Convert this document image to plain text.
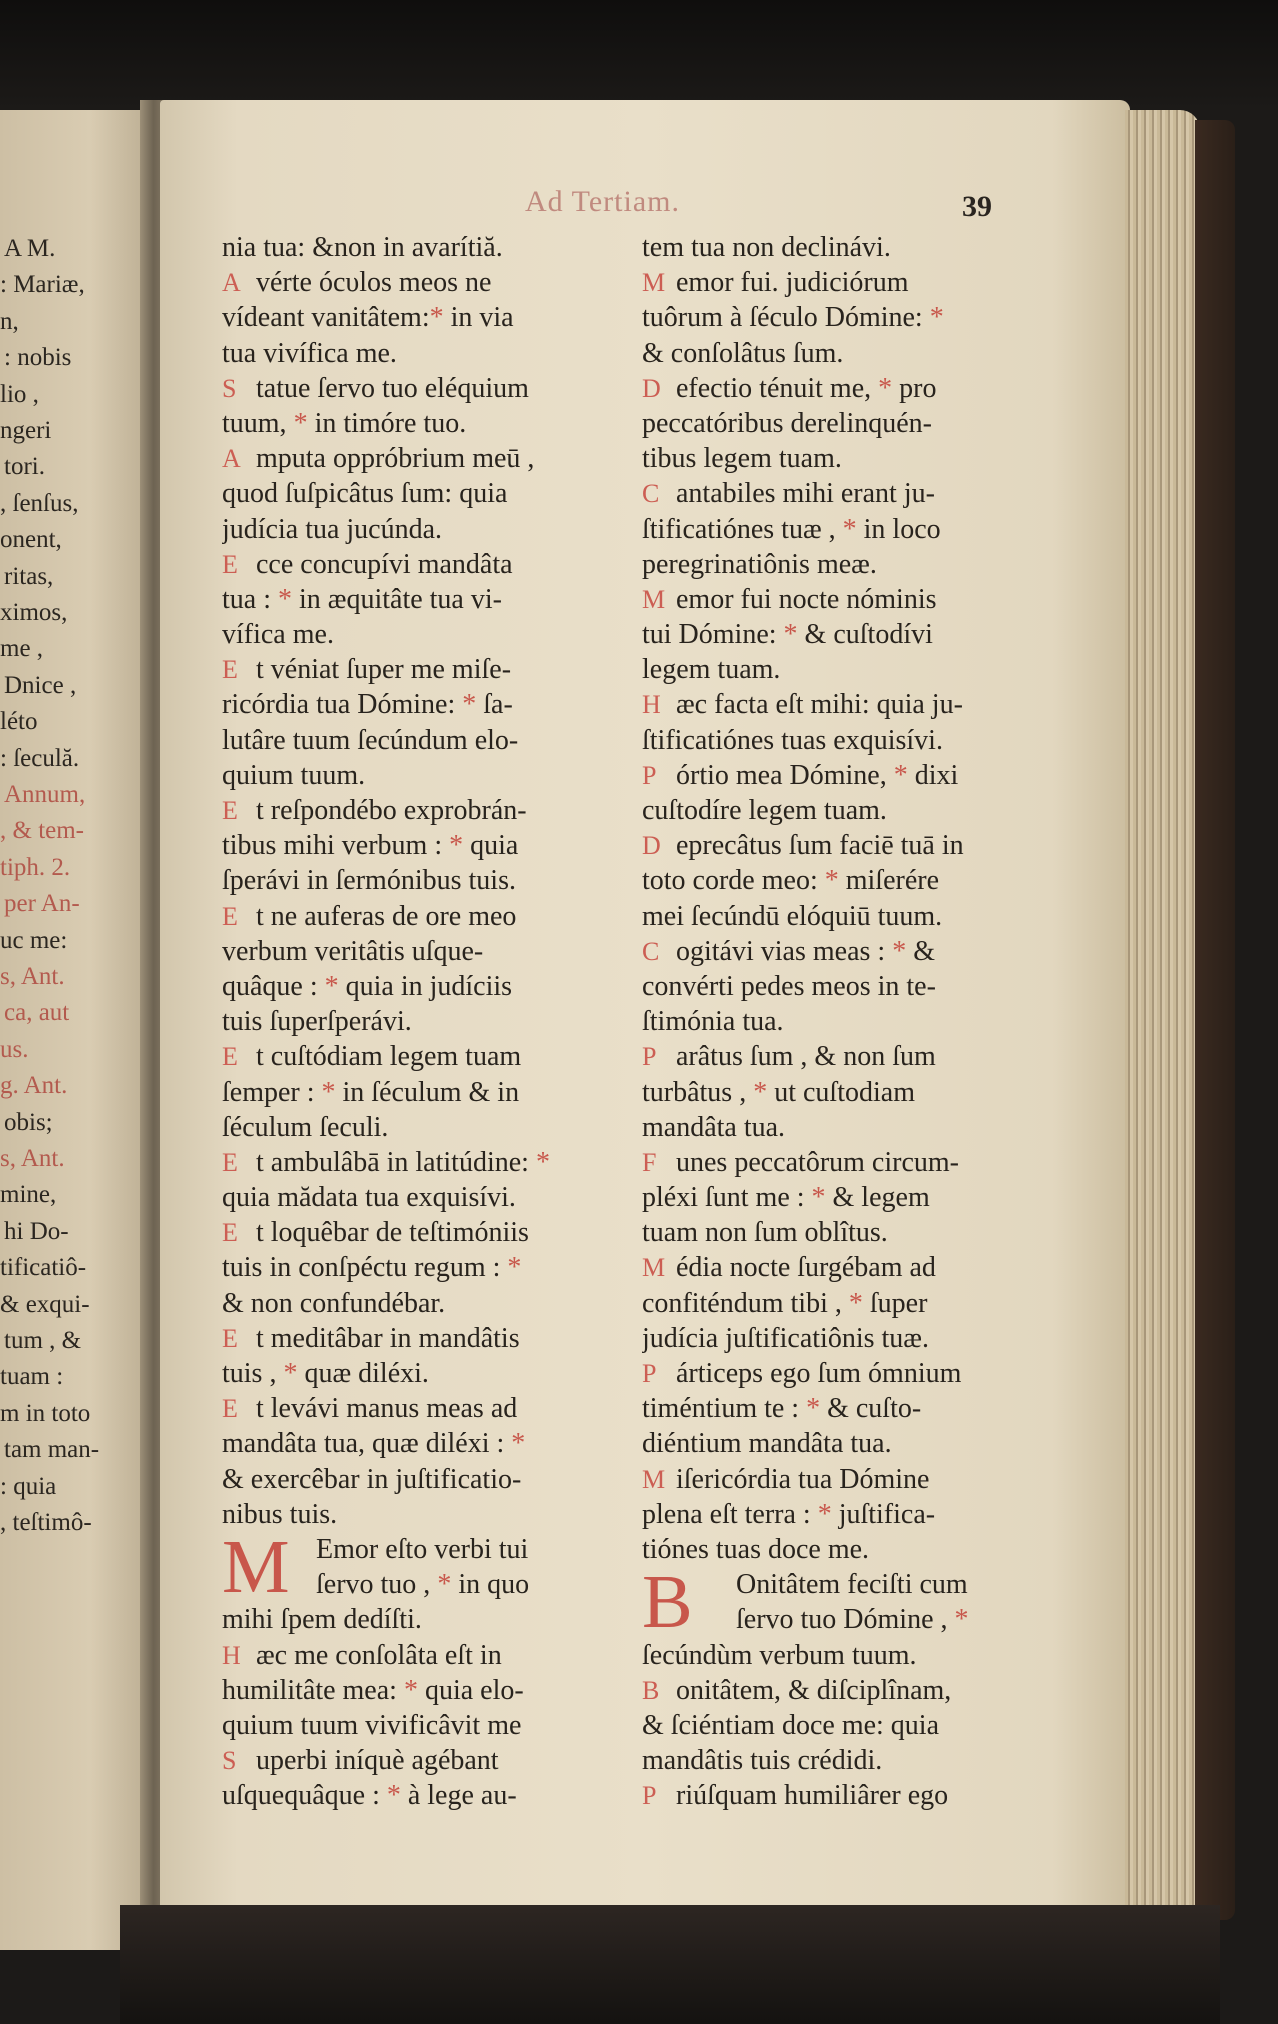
A M.
: Mariæ,
n,
: nobis
lio ,
ngeri
tori.
, ſenſus,
onent,
ritas,
ximos,
me ,
Dnice ,
léto
: ſeculă.
Annum,
, & tem-
tiph. 2.
per An-
uc me:
s, Ant.
ca, aut
us.
g. Ant.
obis;
s, Ant.
mine,
hi Do-
tificatiô-
& exqui-
tum , &
tuam :
m in toto
tam man-
: quia
, teſtimô-
Ad Tertiam.	39
nia tua: &non in avarítiă.
A vérte ócυlos meos ne
vídeant vanitâtem:* in via
tua vivífica me.
S tatue ſervo tuo eléquium
tuum, * in timóre tuo.
A mputa oppróbrium meū ,
quod ſuſpicâtus ſum: quia
judícia tua jucúnda.
E cce concupívi mandâta
tua : * in æquitâte tua vi-
vífica me.
E t véniat ſuper me miſe-
ricórdia tua Dómine: * ſa-
lutâre tuum ſecúndum elo-
quium tuum.
E t reſpondébo exprobrán-
tibus mihi verbum : * quia
ſperávi in ſermónibus tuis.
E t ne auferas de ore meo
verbum veritâtis uſque-
quâque : * quia in judíciis
tuis ſuperſperávi.
E t cuſtódiam legem tuam
ſemper : * in ſéculum & in
ſéculum ſeculi.
E t ambulâbā in latitúdine: *
quia mădata tua exquisívi.
E t loquêbar de teſtimóniis
tuis in conſpéctu regum : *
& non confundébar.
E t meditâbar in mandâtis
tuis , * quæ diléxi.
E t levávi manus meas ad
mandâta tua, quæ diléxi : *
& exercêbar in juſtificatio-
nibus tuis.
M Emor eſto verbi tui
ſervo tuo , * in quo
mihi ſpem dedíſti.
H æc me conſolâta eſt in
humilitâte mea: * quia elo-
quium tuum vivificâvit me
S uperbi iníquè agébant
uſquequâque : * à lege au-
tem tua non declinávi.
M emor fui. judiciórum
tuôrum à ſéculo Dómine: *
& conſolâtus ſum.
D efectio ténuit me, * pro
peccatóribus derelinquén-
tibus legem tuam.
C antabiles mihi erant ju-
ſtificatiónes tuæ , * in loco
peregrinatiônis meæ.
M emor fui nocte nóminis
tui Dómine: * & cuſtodívi
legem tuam.
H æc facta eſt mihi: quia ju-
ſtificatiónes tuas exquisívi.
P órtio mea Dómine, * dixi
cuſtodíre legem tuam.
D eprecâtus ſum faciē tuā in
toto corde meo: * miſerére
mei ſecúndū elóquiū tuum.
C ogitávi vias meas : * &
convérti pedes meos in te-
ſtimónia tua.
P arâtus ſum , & non ſum
turbâtus , * ut cuſtodiam
mandâta tua.
F unes peccatôrum circum-
pléxi ſunt me : * & legem
tuam non ſum oblîtus.
M édia nocte ſurgébam ad
confiténdum tibi , * ſuper
judícia juſtificatiônis tuæ.
P árticeps ego ſum ómnium
timéntium te : * & cuſto-
diéntium mandâta tua.
M iſericórdia tua Dómine
plena eſt terra : * juſtifica-
tiónes tuas doce me.
B	Onitâtem feciſti cum
ſervo tuo Dómine , *
ſecúndùm verbum tuum.
B onitâtem, & diſciplînam,
& ſciéntiam doce me: quia
mandâtis tuis crédidi.
P riúſquam humiliârer ego
